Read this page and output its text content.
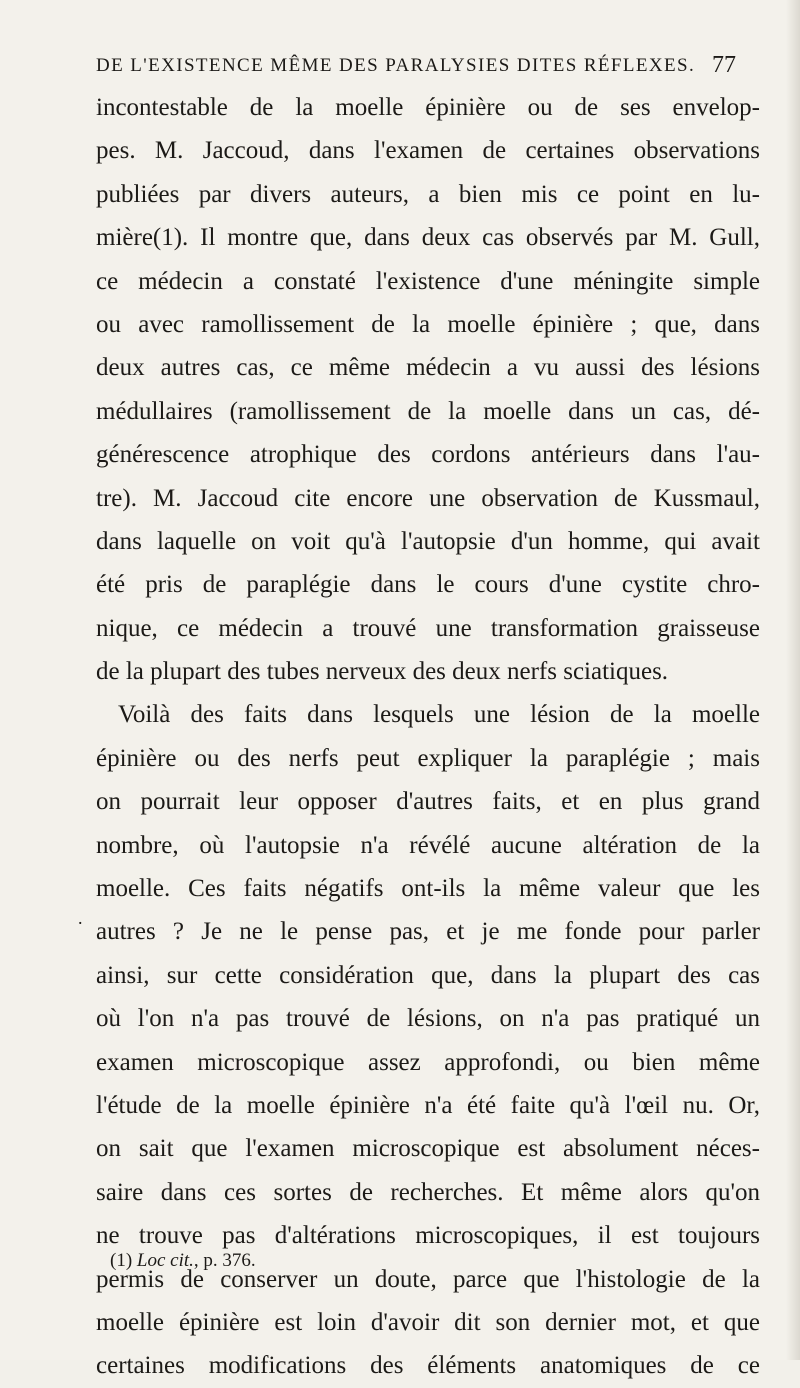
DE L'EXISTENCE MÊME DES PARALYSIES DITES RÉFLEXES. 77
.
incontestable de la moelle épinière ou de ses envelop-
pes. M. Jaccoud, dans l'examen de certaines observations
publiées par divers auteurs, a bien mis ce point en lu-
mière(1). Il montre que, dans deux cas observés par M. Gull,
ce médecin a constaté l'existence d'une méningite simple
ou avec ramollissement de la moelle épinière ; que, dans
deux autres cas, ce même médecin a vu aussi des lésions
médullaires (ramollissement de la moelle dans un cas, dé-
générescence atrophique des cordons antérieurs dans l'au-
tre). M. Jaccoud cite encore une observation de Kussmaul,
dans laquelle on voit qu'à l'autopsie d'un homme, qui avait
été pris de paraplégie dans le cours d'une cystite chro-
nique, ce médecin a trouvé une transformation graisseuse
de la plupart des tubes nerveux des deux nerfs sciatiques.
Voilà des faits dans lesquels une lésion de la moelle
épinière ou des nerfs peut expliquer la paraplégie ; mais
on pourrait leur opposer d'autres faits, et en plus grand
nombre, où l'autopsie n'a révélé aucune altération de la
moelle. Ces faits négatifs ont-ils la même valeur que les
autres ? Je ne le pense pas, et je me fonde pour parler
ainsi, sur cette considération que, dans la plupart des cas
où l'on n'a pas trouvé de lésions, on n'a pas pratiqué un
examen microscopique assez approfondi, ou bien même
l'étude de la moelle épinière n'a été faite qu'à l'œil nu. Or,
on sait que l'examen microscopique est absolument néces-
saire dans ces sortes de recherches. Et même alors qu'on
ne trouve pas d'altérations microscopiques, il est toujours
permis de conserver un doute, parce que l'histologie de la
moelle épinière est loin d'avoir dit son dernier mot, et que
certaines modifications des éléments anatomiques de ce
(1) Loc cit., p. 376.
